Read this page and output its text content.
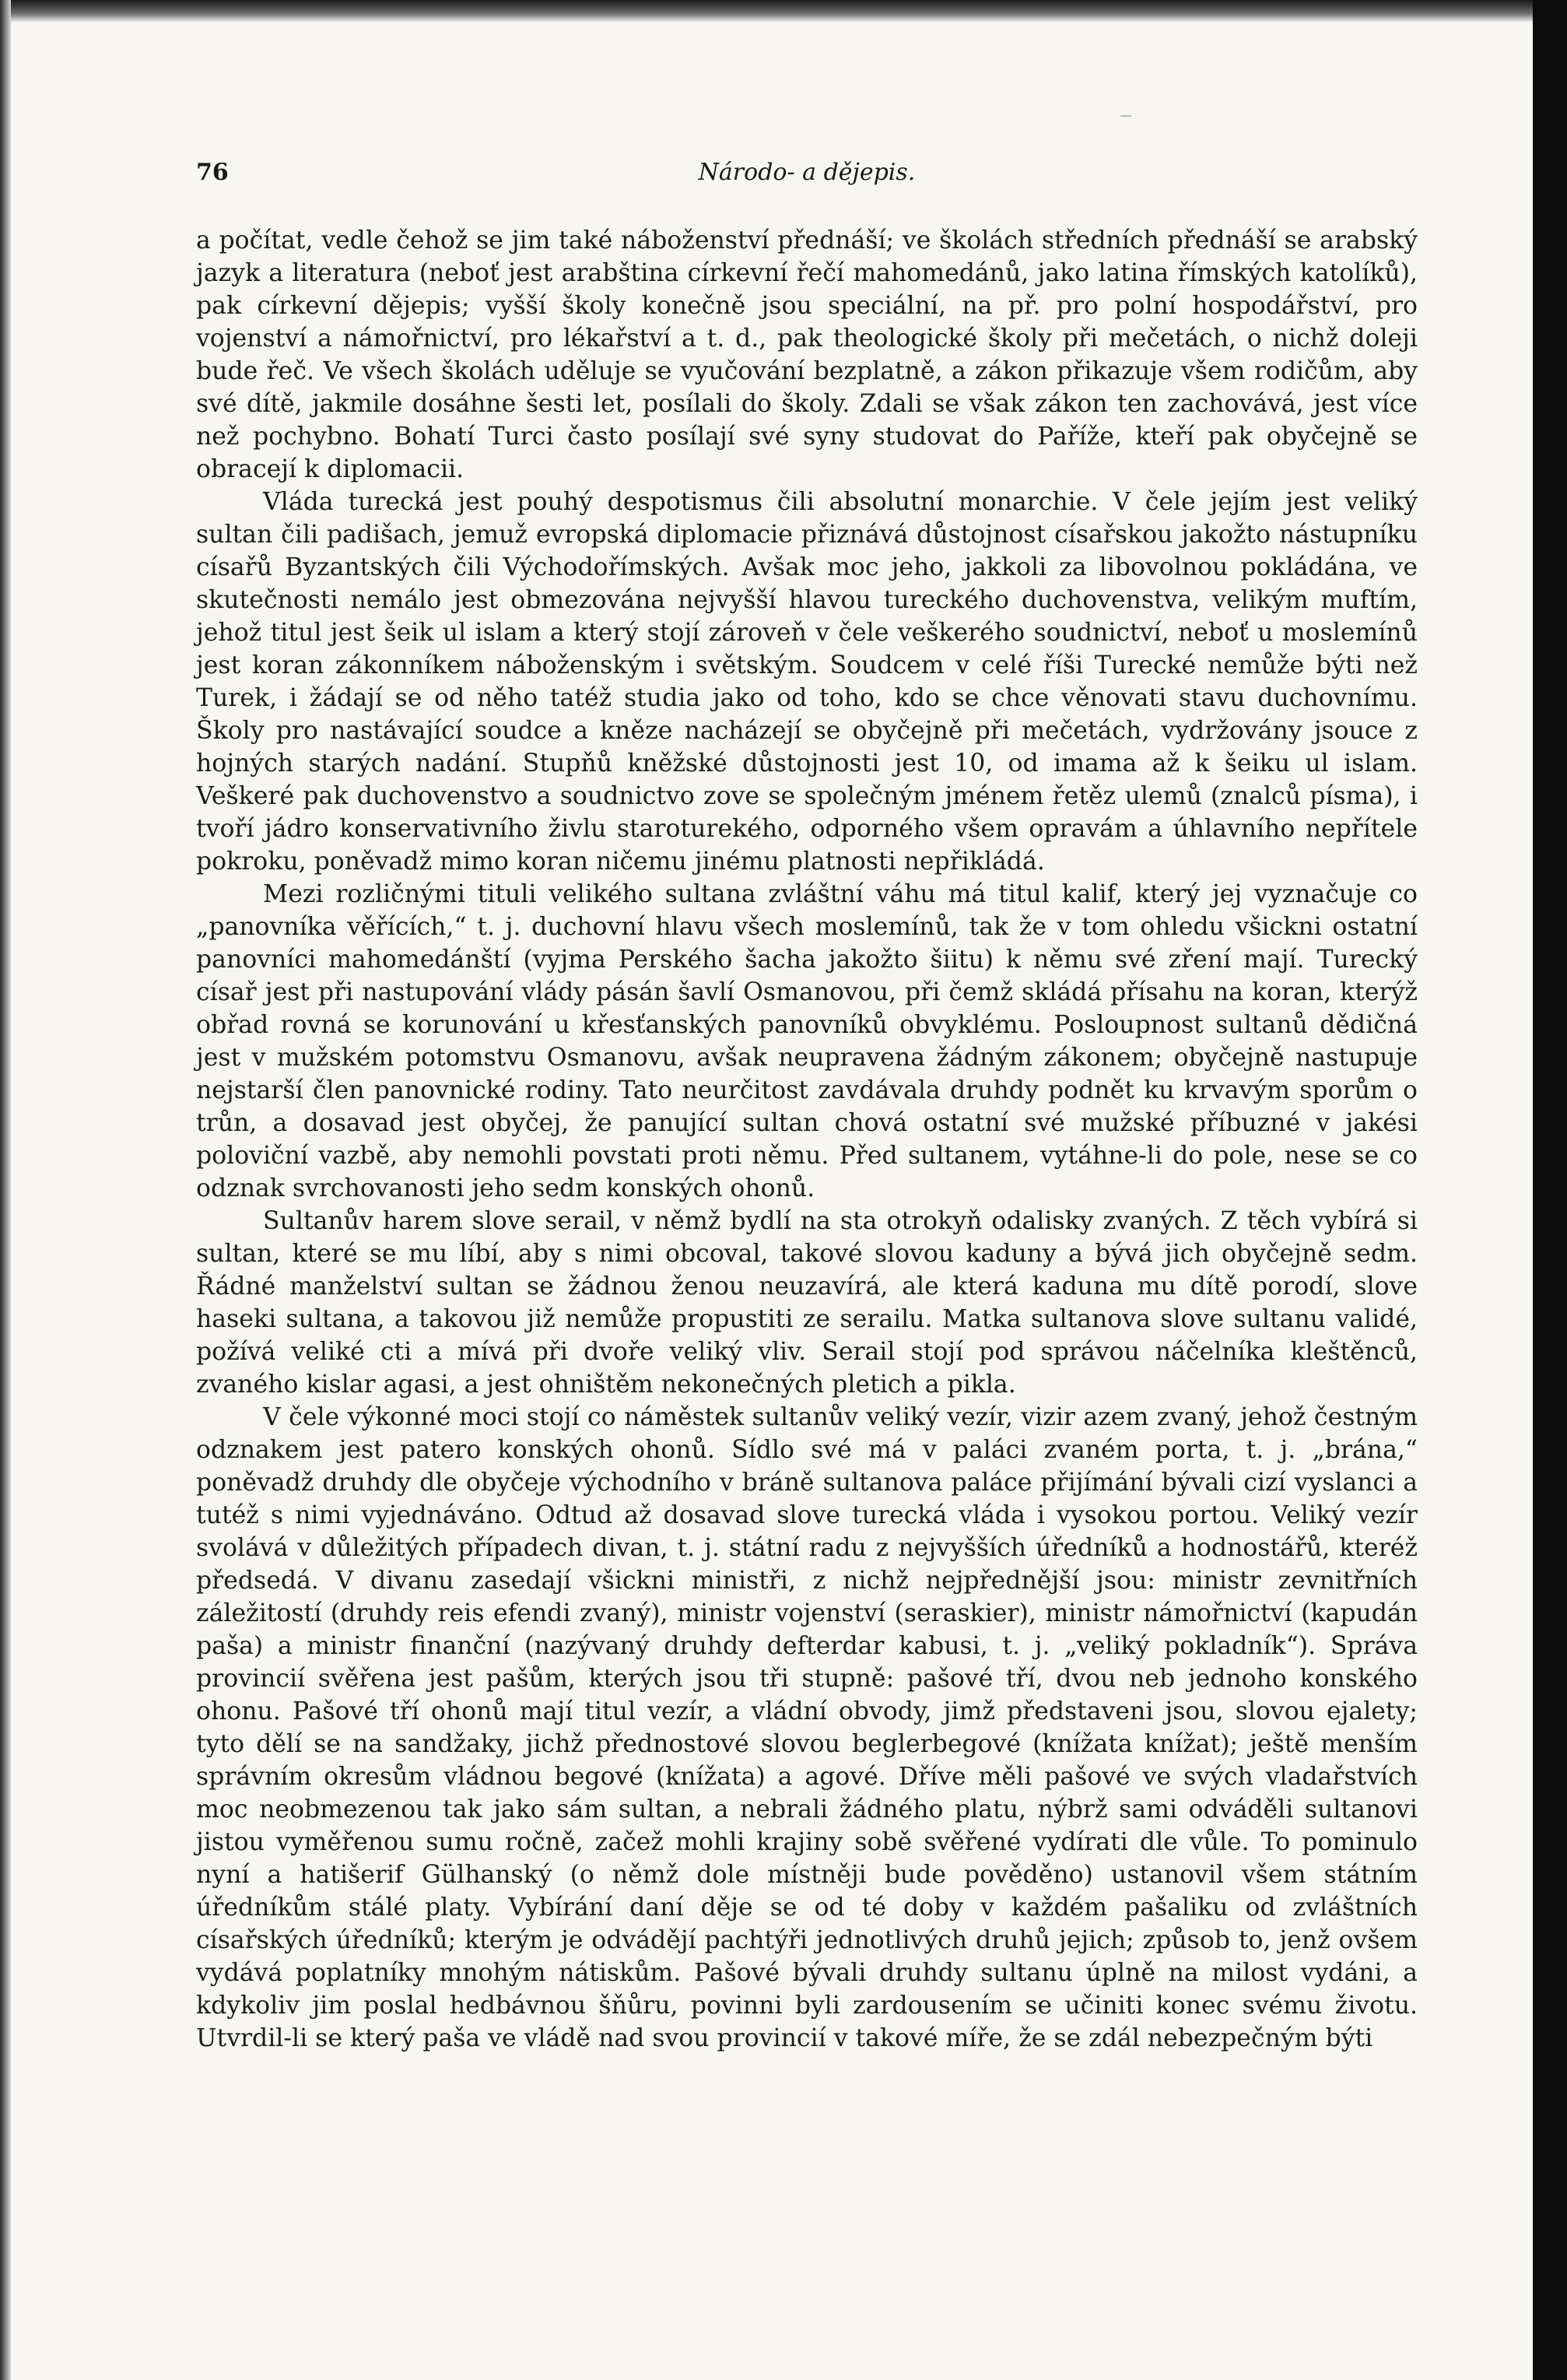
76	Národo- a dějepis.

a počítat, vedle čehož se jim také náboženství přednáší; ve školách středních přednáší se arabský jazyk a literatura (neboť jest arabština církevní řečí mahomedánů, jako latina římských katolíků), pak církevní dějepis; vyšší školy konečně jsou speciální, na př. pro polní hospodářství, pro vojenství a námořnictví, pro lékařství a t. d., pak theologické školy při mečetách, o nichž doleji bude řeč. Ve všech školách uděluje se vyučování bezplatně, a zákon přikazuje všem rodičům, aby své dítě, jakmile dosáhne šesti let, posílali do školy. Zdali se však zákon ten zachovává, jest více než pochybno. Bohatí Turci často posílají své syny studovat do Paříže, kteří pak obyčejně se obracejí k diplomacii.

Vláda turecká jest pouhý despotismus čili absolutní monarchie. V čele jejím jest veliký sultan čili padišach, jemuž evropská diplomacie přiznává důstojnost císařskou jakožto nástupníku císařů Byzantských čili Východořímských. Avšak moc jeho, jakkoli za libovolnou pokládána, ve skutečnosti nemálo jest obmezována nejvyšší hlavou tureckého duchovenstva, velikým muftím, jehož titul jest šeik ul islam a který stojí zároveň v čele veškerého soudnictví, neboť u moslemínů jest koran zákonníkem náboženským i světským. Soudcem v celé říši Turecké nemůže býti než Turek, i žádají se od něho tatéž studia jako od toho, kdo se chce věnovati stavu duchovnímu. Školy pro nastávající soudce a kněze nacházejí se obyčejně při mečetách, vydržovány jsouce z hojných starých nadání. Stupňů kněžské důstojnosti jest 10, od imama až k šeiku ul islam. Veškeré pak duchovenstvo a soudnictvo zove se společným jménem řetěz ulemů (znalců písma), i tvoří jádro konservativního živlu staroturekého, odporného všem opravám a úhlavního nepřítele pokroku, poněvadž mimo koran ničemu jinému platnosti nepřikládá.

Mezi rozličnými tituli velikého sultana zvláštní váhu má titul kalif, který jej vyznačuje co „panovníka věřících,“ t. j. duchovní hlavu všech moslemínů, tak že v tom ohledu všickni ostatní panovníci mahomedánští (vyjma Perského šacha jakožto šiitu) k němu své zření mají. Turecký císař jest při nastupování vlády pásán šavlí Osmanovou, při čemž skládá přísahu na koran, kterýž obřad rovná se korunování u křesťanských panovníků obvyklému. Posloupnost sultanů dědičná jest v mužském potomstvu Osmanovu, avšak neupravena žádným zákonem; obyčejně nastupuje nejstarší člen panovnické rodiny. Tato neurčitost zavdávala druhdy podnět ku krvavým sporům o trůn, a dosavad jest obyčej, že panující sultan chová ostatní své mužské příbuzné v jakési poloviční vazbě, aby nemohli povstati proti němu. Před sultanem, vytáhne-li do pole, nese se co odznak svrchovanosti jeho sedm konských ohonů.

Sultanův harem slove serail, v němž bydlí na sta otrokyň odalisky zvaných. Z těch vybírá si sultan, které se mu líbí, aby s nimi obcoval, takové slovou kaduny a bývá jich obyčejně sedm. Řádné manželství sultan se žádnou ženou neuzavírá, ale která kaduna mu dítě porodí, slove haseki sultana, a takovou již nemůže propustiti ze serailu. Matka sultanova slove sultanu validé, požívá veliké cti a mívá při dvoře veliký vliv. Serail stojí pod správou náčelníka kleštěnců, zvaného kislar agasi, a jest ohništěm nekonečných pletich a pikla.

V čele výkonné moci stojí co náměstek sultanův veliký vezír, vizir azem zvaný, jehož čestným odznakem jest patero konských ohonů. Sídlo své má v paláci zvaném porta, t. j. „brána,“ poněvadž druhdy dle obyčeje východního v bráně sultanova paláce přijímání bývali cizí vyslanci a tutéž s nimi vyjednáváno. Odtud až dosavad slove turecká vláda i vysokou portou. Veliký vezír svolává v důležitých případech divan, t. j. státní radu z nejvyšších úředníků a hodnostářů, kteréž předsedá. V divanu zasedají všickni ministři, z nichž nejpřednější jsou: ministr zevnitřních záležitostí (druhdy reis efendi zvaný), ministr vojenství (seraskier), ministr námořnictví (kapudán paša) a ministr finanční (nazývaný druhdy defterdar kabusi, t. j. „veliký pokladník“). Správa provincií svěřena jest pašům, kterých jsou tři stupně: pašové tří, dvou neb jednoho konského ohonu. Pašové tří ohonů mají titul vezír, a vládní obvody, jimž představeni jsou, slovou ejalety; tyto dělí se na sandžaky, jichž přednostové slovou beglerbegové (knížata knížat); ještě menším správním okresům vládnou begové (knížata) a agové. Dříve měli pašové ve svých vladařstvích moc neobmezenou tak jako sám sultan, a nebrali žádného platu, nýbrž sami odváděli sultanovi jistou vyměřenou sumu ročně, začež mohli krajiny sobě svěřené vydírati dle vůle. To pominulo nyní a hatišerif Gülhanský (o němž dole místněji bude pověděno) ustanovil všem státním úředníkům stálé platy. Vybírání daní děje se od té doby v každém pašaliku od zvláštních císařských úředníků; kterým je odvádějí pachtýři jednotlivých druhů jejich; způsob to, jenž ovšem vydává poplatníky mnohým nátiskům. Pašové bývali druhdy sultanu úplně na milost vydáni, a kdykoliv jim poslal hedbávnou šňůru, povinni byli zardousením se učiniti konec svému životu. Utvrdil-li se který paša ve vládě nad svou provincií v takové míře, že se zdál nebezpečným býti
